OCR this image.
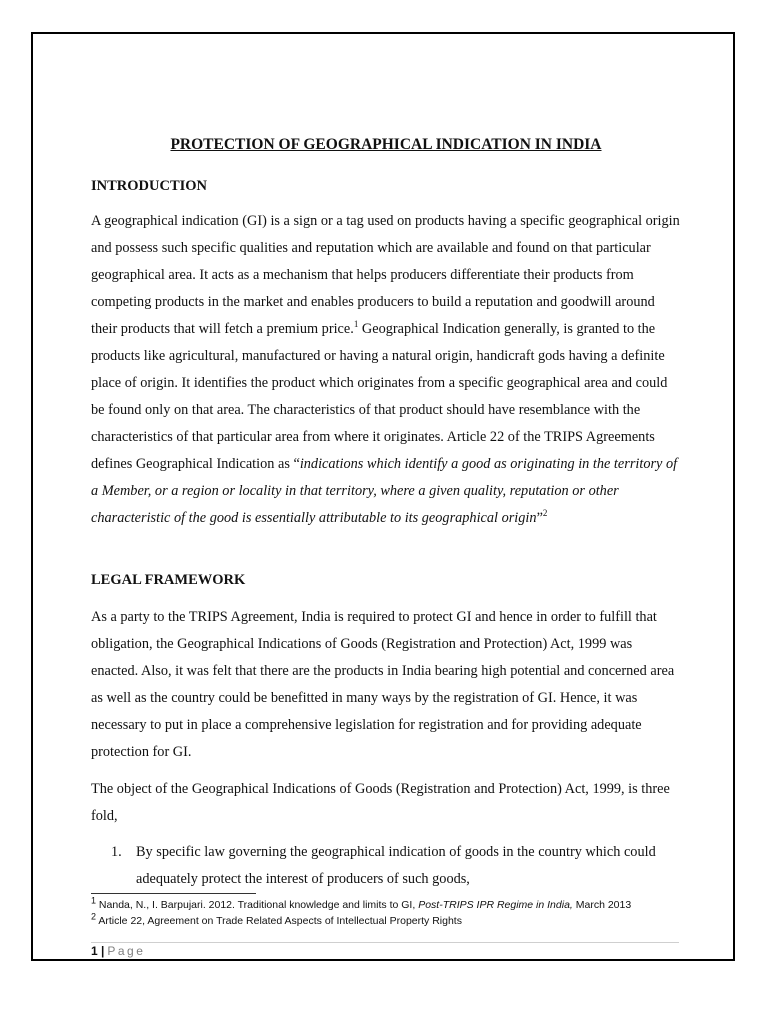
PROTECTION OF GEOGRAPHICAL INDICATION IN INDIA
INTRODUCTION
A geographical indication (GI) is a sign or a tag used on products having a specific geographical origin and possess such specific qualities and reputation which are available and found on that particular geographical area. It acts as a mechanism that helps producers differentiate their products from competing products in the market and enables producers to build a reputation and goodwill around their products that will fetch a premium price.$^1$ Geographical Indication generally, is granted to the products like agricultural, manufactured or having a natural origin, handicraft gods having a definite place of origin. It identifies the product which originates from a specific geographical area and could be found only on that area. The characteristics of that product should have resemblance with the characteristics of that particular area from where it originates. Article 22 of the TRIPS Agreements defines Geographical Indication as “indications which identify a good as originating in the territory of a Member, or a region or locality in that territory, where a given quality, reputation or other characteristic of the good is essentially attributable to its geographical origin”$^2$
LEGAL FRAMEWORK
As a party to the TRIPS Agreement, India is required to protect GI and hence in order to fulfill that obligation, the Geographical Indications of Goods (Registration and Protection) Act, 1999 was enacted. Also, it was felt that there are the products in India bearing high potential and concerned area as well as the country could be benefitted in many ways by the registration of GI. Hence, it was necessary to put in place a comprehensive legislation for registration and for providing adequate protection for GI.
The object of the Geographical Indications of Goods (Registration and Protection) Act, 1999, is three fold,
1. By specific law governing the geographical indication of goods in the country which could adequately protect the interest of producers of such goods,
$^1$ Nanda, N., I. Barpujari. 2012. Traditional knowledge and limits to GI, Post-TRIPS IPR Regime in India, March 2013
$^2$ Article 22, Agreement on Trade Related Aspects of Intellectual Property Rights
1 | Page
